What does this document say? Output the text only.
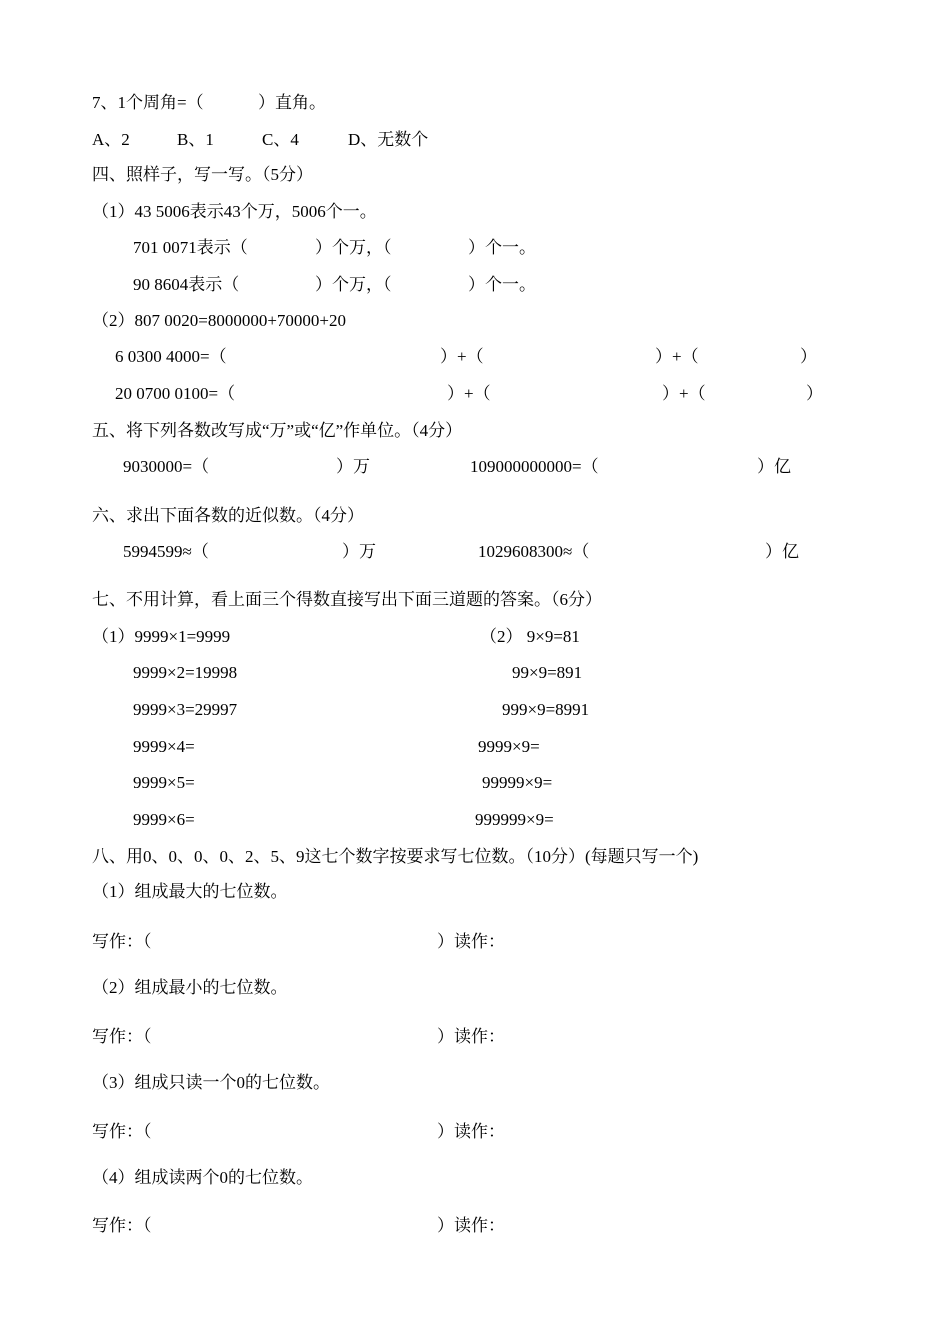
7、1个周角=（	）直角。
A、2	B、1	C、4	D、无数个
四、照样子，写一写。（5分）
（1）43 5006表示43个万，5006个一。
701 0071表示（	）个万，（	）个一。
90 8604表示（	）个万，（	）个一。
（2）807 0020=8000000+70000+20
6 0300 4000=（	）+（	）+（	）
20 0700 0100=（	）+（	）+（	）
五、将下列各数改写成“万”或“亿”作单位。（4分）
9030000=（	）万	109000000000=（	）亿
六、求出下面各数的近似数。（4分）
5994599≈（	）万	1029608300≈（	）亿
七、不用计算，看上面三个得数直接写出下面三道题的答案。（6分）
（1）9999×1=9999
9999×2=19998
9999×3=29997
9999×4=
9999×5=
9999×6=
（2） 9×9=81
99×9=891
999×9=8991
9999×9=
99999×9=
999999×9=
八、用0、0、0、0、2、5、9这七个数字按要求写七位数。（10分）(每题只写一个)
（1）组成最大的七位数。
写作：（	）读作：
（2）组成最小的七位数。
写作：（	）读作：
（3）组成只读一个0的七位数。
写作：（	）读作：
（4）组成读两个0的七位数。
写作：（	）读作：
